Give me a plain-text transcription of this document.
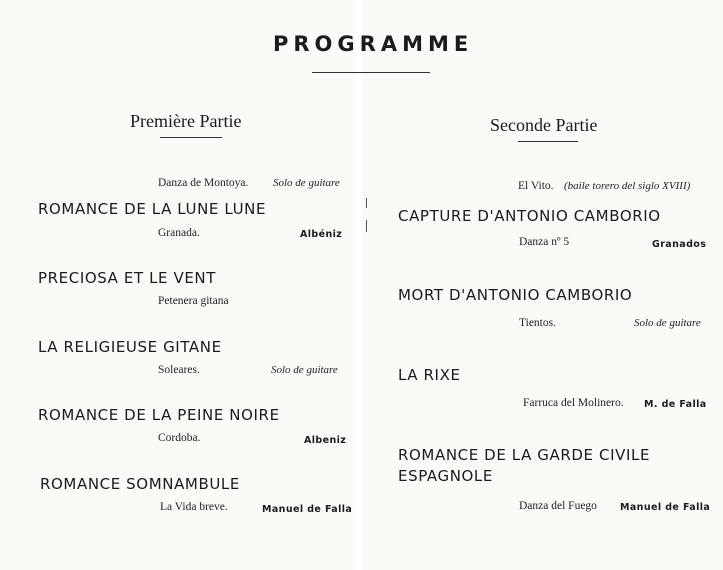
PROGRAMME
Première Partie
Danza de Montoya. Solo de guitare
ROMANCE DE LA LUNE LUNE
Granada.	Albéniz
PRECIOSA ET LE VENT
Petenera gitana
LA RELIGIEUSE GITANE
Soleares.	Solo de guitare
ROMANCE DE LA PEINE NOIRE
Cordoba.	Albeniz
ROMANCE SOMNAMBULE
La Vida breve.	Manuel de Falla
Seconde Partie
El Vito. (baile torero del siglo XVIII)
CAPTURE D'ANTONIO CAMBORIO
Danza nº 5	Granados
MORT D'ANTONIO CAMBORIO
Tientos.	Solo de guitare
LA RIXE
Farruca del Molinero. M. de Falla
ROMANCE DE LA GARDE CIVILE
ESPAGNOLE
Danza del Fuego Manuel de Falla
